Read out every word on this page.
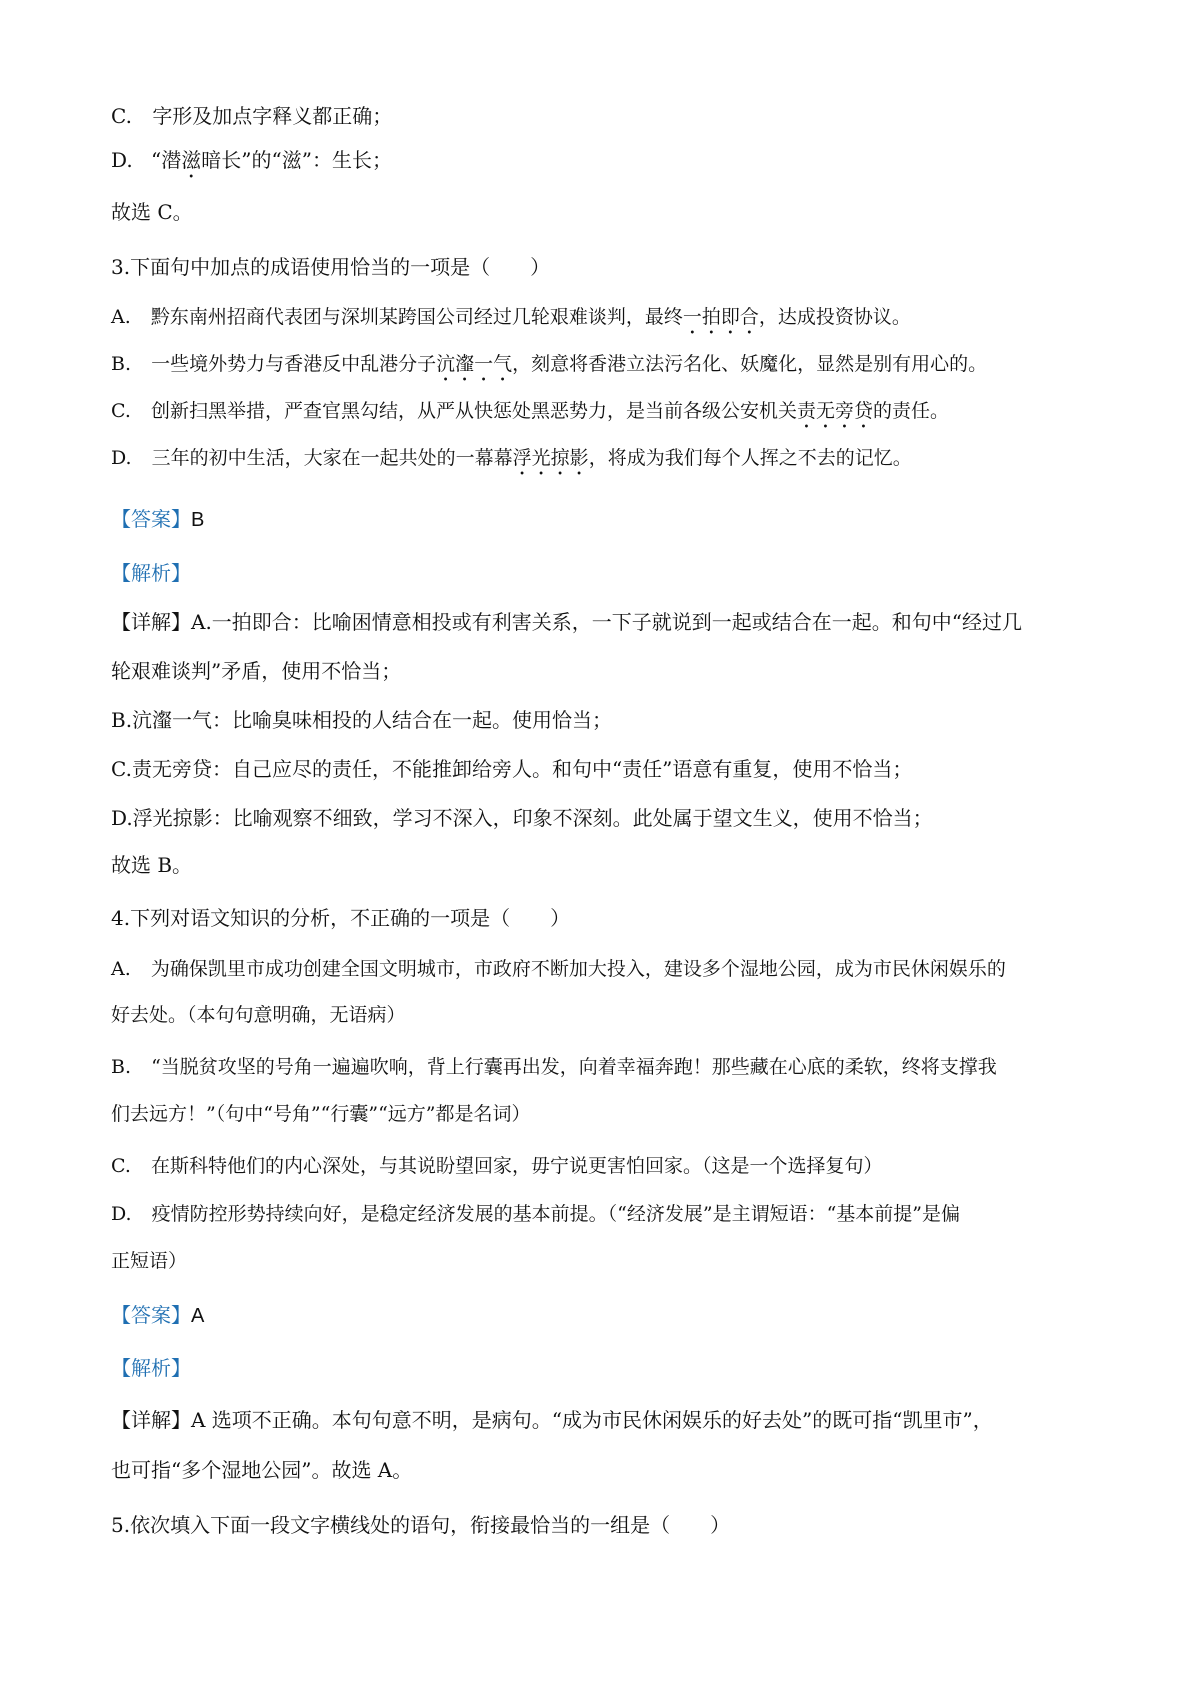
C. 字形及加点字释义都正确；
D. “潜滋暗长”的“滋”：生长；
故选 C。
3.下面句中加点的成语使用恰当的一项是（　　）
A. 黔东南州招商代表团与深圳某跨国公司经过几轮艰难谈判，最终一拍即合，达成投资协议。
B. 一些境外势力与香港反中乱港分子沆瀣一气，刻意将香港立法污名化、妖魔化，显然是别有用心的。
C. 创新扫黑举措，严查官黑勾结，从严从快惩处黑恶势力，是当前各级公安机关责无旁贷的责任。
D. 三年的初中生活，大家在一起共处的一幕幕浮光掠影，将成为我们每个人挥之不去的记忆。
【答案】B
【解析】
【详解】A.一拍即合：比喻困情意相投或有利害关系，一下子就说到一起或结合在一起。和句中“经过几
轮艰难谈判”矛盾，使用不恰当；
B.沆瀣一气：比喻臭味相投的人结合在一起。使用恰当；
C.责无旁贷：自己应尽的责任，不能推卸给旁人。和句中“责任”语意有重复，使用不恰当；
D.浮光掠影：比喻观察不细致，学习不深入，印象不深刻。此处属于望文生义，使用不恰当；
故选 B。
4.下列对语文知识的分析，不正确的一项是（　　）
A. 为确保凯里市成功创建全国文明城市，市政府不断加大投入，建设多个湿地公园，成为市民休闲娱乐的
好去处。（本句句意明确，无语病）
B. “当脱贫攻坚的号角一遍遍吹响，背上行囊再出发，向着幸福奔跑！那些藏在心底的柔软，终将支撑我
们去远方！”（句中“号角”“行囊”“远方”都是名词）
C. 在斯科特他们的内心深处，与其说盼望回家，毋宁说更害怕回家。（这是一个选择复句）
D. 疫情防控形势持续向好，是稳定经济发展的基本前提。（“经济发展”是主谓短语：“基本前提”是偏
正短语）
【答案】A
【解析】
【详解】A 选项不正确。本句句意不明，是病句。“成为市民休闲娱乐的好去处”的既可指“凯里市”，
也可指“多个湿地公园”。故选 A。
5.依次填入下面一段文字横线处的语句，衔接最恰当的一组是（　　）
